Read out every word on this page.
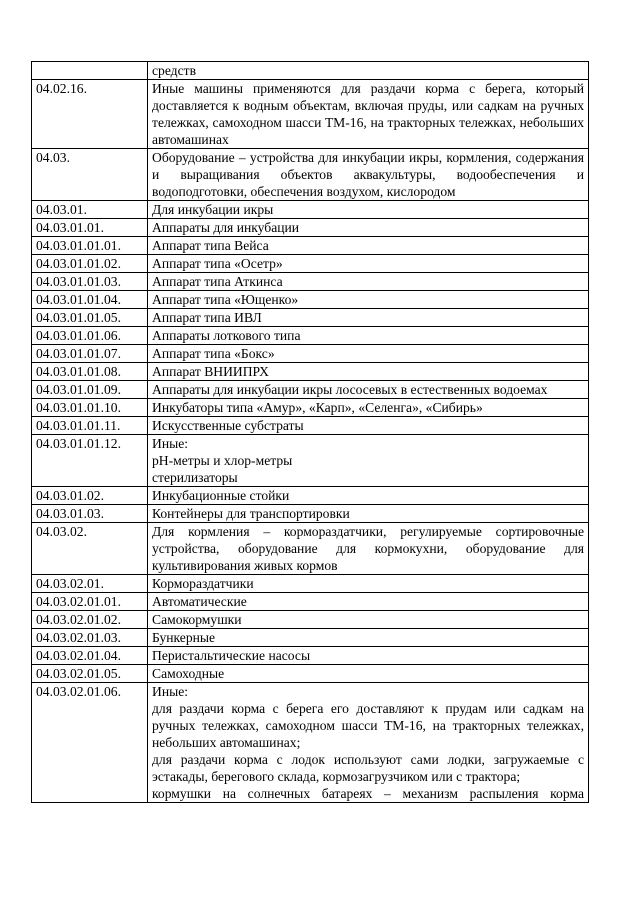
	средств

04.02.16.	Иные машины применяются для раздачи корма с берега, который доставляется к водным объектам, включая пруды, или садкам на ручных тележках, самоходном шасси ТМ-16, на тракторных тележках, небольших автомашинах

04.03.	Оборудование – устройства для инкубации икры, кормления, содержания и выращивания объектов аквакультуры, водообеспечения и водоподготовки, обеспечения воздухом, кислородом

04.03.01.	Для инкубации икры

04.03.01.01.	Аппараты для инкубации

04.03.01.01.01.	Аппарат типа Вейса

04.03.01.01.02.	Аппарат типа «Осетр»

04.03.01.01.03.	Аппарат типа Аткинса

04.03.01.01.04.	Аппарат типа «Ющенко»

04.03.01.01.05.	Аппарат типа ИВЛ

04.03.01.01.06.	Аппараты лоткового типа

04.03.01.01.07.	Аппарат типа «Бокс»

04.03.01.01.08.	Аппарат ВНИИПРХ

04.03.01.01.09.	Аппараты для инкубации икры лососевых в естественных водоемах

04.03.01.01.10.	Инкубаторы типа «Амур», «Карп», «Селенга», «Сибирь»

04.03.01.01.11.	Искусственные субстраты

04.03.01.01.12.	Иные:
рН-метры и хлор-метры
стерилизаторы

04.03.01.02.	Инкубационные стойки

04.03.01.03.	Контейнеры для транспортировки

04.03.02.	Для кормления – кормораздатчики, регулируемые сортировочные устройства, оборудование для кормокухни, оборудование для культивирования живых кормов

04.03.02.01.	Кормораздатчики

04.03.02.01.01.	Автоматические

04.03.02.01.02.	Самокормушки

04.03.02.01.03.	Бункерные

04.03.02.01.04.	Перистальтические насосы

04.03.02.01.05.	Самоходные

04.03.02.01.06.	Иные:
для раздачи корма с берега его доставляют к прудам или садкам на ручных тележках, самоходном шасси ТМ-16, на тракторных тележках, небольших автомашинах;
для раздачи корма с лодок используют сами лодки, загружаемые с эстакады, берегового склада, кормозагрузчиком или с трактора;
кормушки на солнечных батареях – механизм распыления корма
